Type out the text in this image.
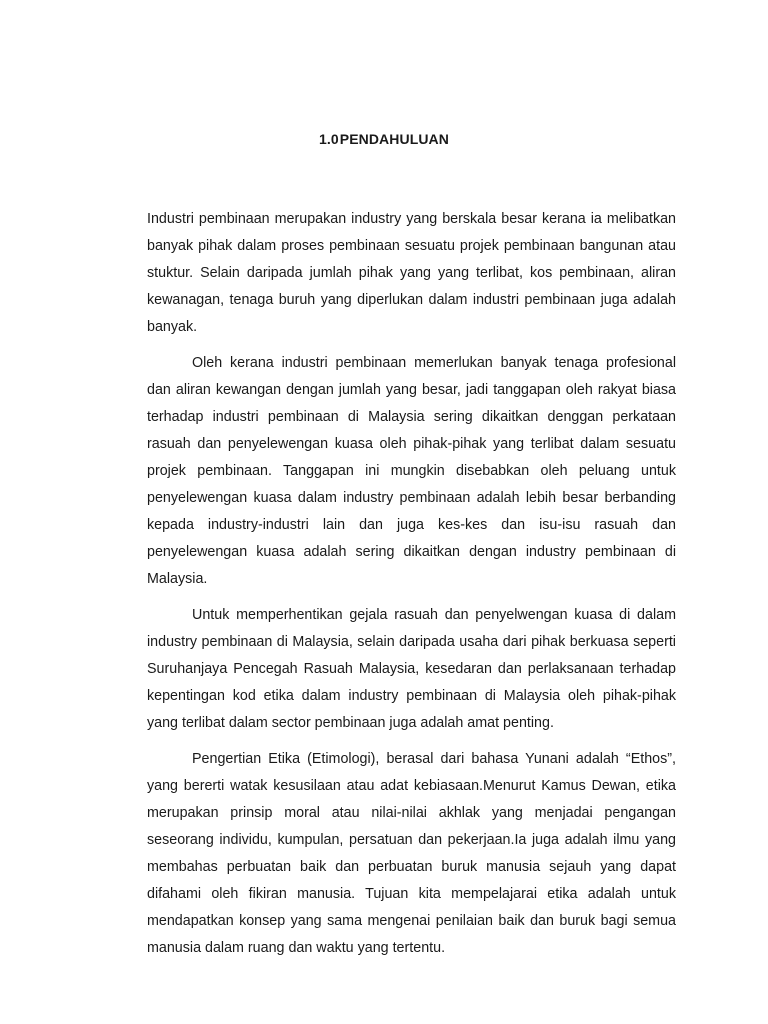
1.0PENDAHULUAN

Industri pembinaan merupakan industry yang berskala besar kerana ia melibatkan banyak pihak dalam proses pembinaan sesuatu projek pembinaan bangunan atau stuktur. Selain daripada jumlah pihak yang yang terlibat, kos pembinaan, aliran kewanagan, tenaga buruh yang diperlukan dalam industri pembinaan juga adalah banyak.

Oleh kerana industri pembinaan memerlukan banyak tenaga profesional dan aliran kewangan dengan jumlah yang besar, jadi tanggapan oleh rakyat biasa terhadap industri pembinaan di Malaysia sering dikaitkan denggan perkataan rasuah dan penyelewengan kuasa oleh pihak-pihak yang terlibat dalam sesuatu projek pembinaan. Tanggapan ini mungkin disebabkan oleh peluang untuk penyelewengan kuasa dalam industry pembinaan adalah lebih besar berbanding kepada industry-industri lain dan juga kes-kes dan isu-isu rasuah dan penyelewengan kuasa adalah sering dikaitkan dengan industry pembinaan di Malaysia.

Untuk memperhentikan gejala rasuah dan penyelwengan kuasa di dalam industry pembinaan di Malaysia, selain daripada usaha dari pihak berkuasa seperti Suruhanjaya Pencegah Rasuah Malaysia, kesedaran dan perlaksanaan terhadap kepentingan kod etika dalam industry pembinaan di Malaysia oleh pihak-pihak yang terlibat dalam sector pembinaan juga adalah amat penting.

Pengertian Etika (Etimologi), berasal dari bahasa Yunani adalah “Ethos”, yang bererti watak kesusilaan atau adat kebiasaan.Menurut Kamus Dewan, etika merupakan prinsip moral atau nilai-nilai akhlak yang menjadai pengangan seseorang individu, kumpulan, persatuan dan pekerjaan.Ia juga adalah ilmu yang membahas perbuatan baik dan perbuatan buruk manusia sejauh yang dapat difahami oleh fikiran manusia. Tujuan kita mempelajarai etika adalah untuk mendapatkan konsep yang sama mengenai penilaian baik dan buruk bagi semua manusia dalam ruang dan waktu yang tertentu.
